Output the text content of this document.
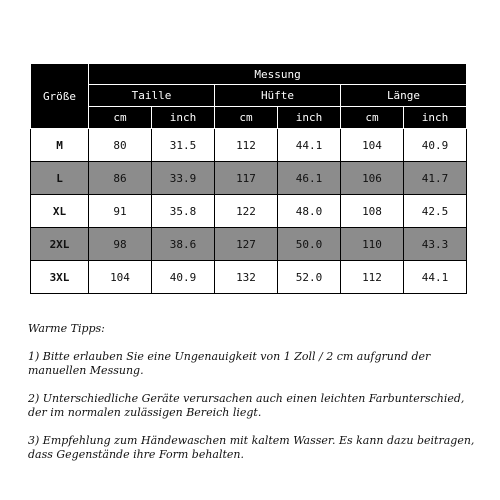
Größe	Messung					
	Taille		Hüfte		Länge	
	cm	inch	cm	inch	cm	inch
M	80	31.5	112	44.1	104	40.9
L	86	33.9	117	46.1	106	41.7
XL	91	35.8	122	48.0	108	42.5
2XL	98	38.6	127	50.0	110	43.3
3XL	104	40.9	132	52.0	112	44.1

Warme Tipps:

1) Bitte erlauben Sie eine Ungenauigkeit von 1 Zoll / 2 cm aufgrund der manuellen Messung.

2) Unterschiedliche Geräte verursachen auch einen leichten Farbunterschied, der im normalen zulässigen Bereich liegt.

3) Empfehlung zum Händewaschen mit kaltem Wasser. Es kann dazu beitragen, dass Gegenstände ihre Form behalten.
